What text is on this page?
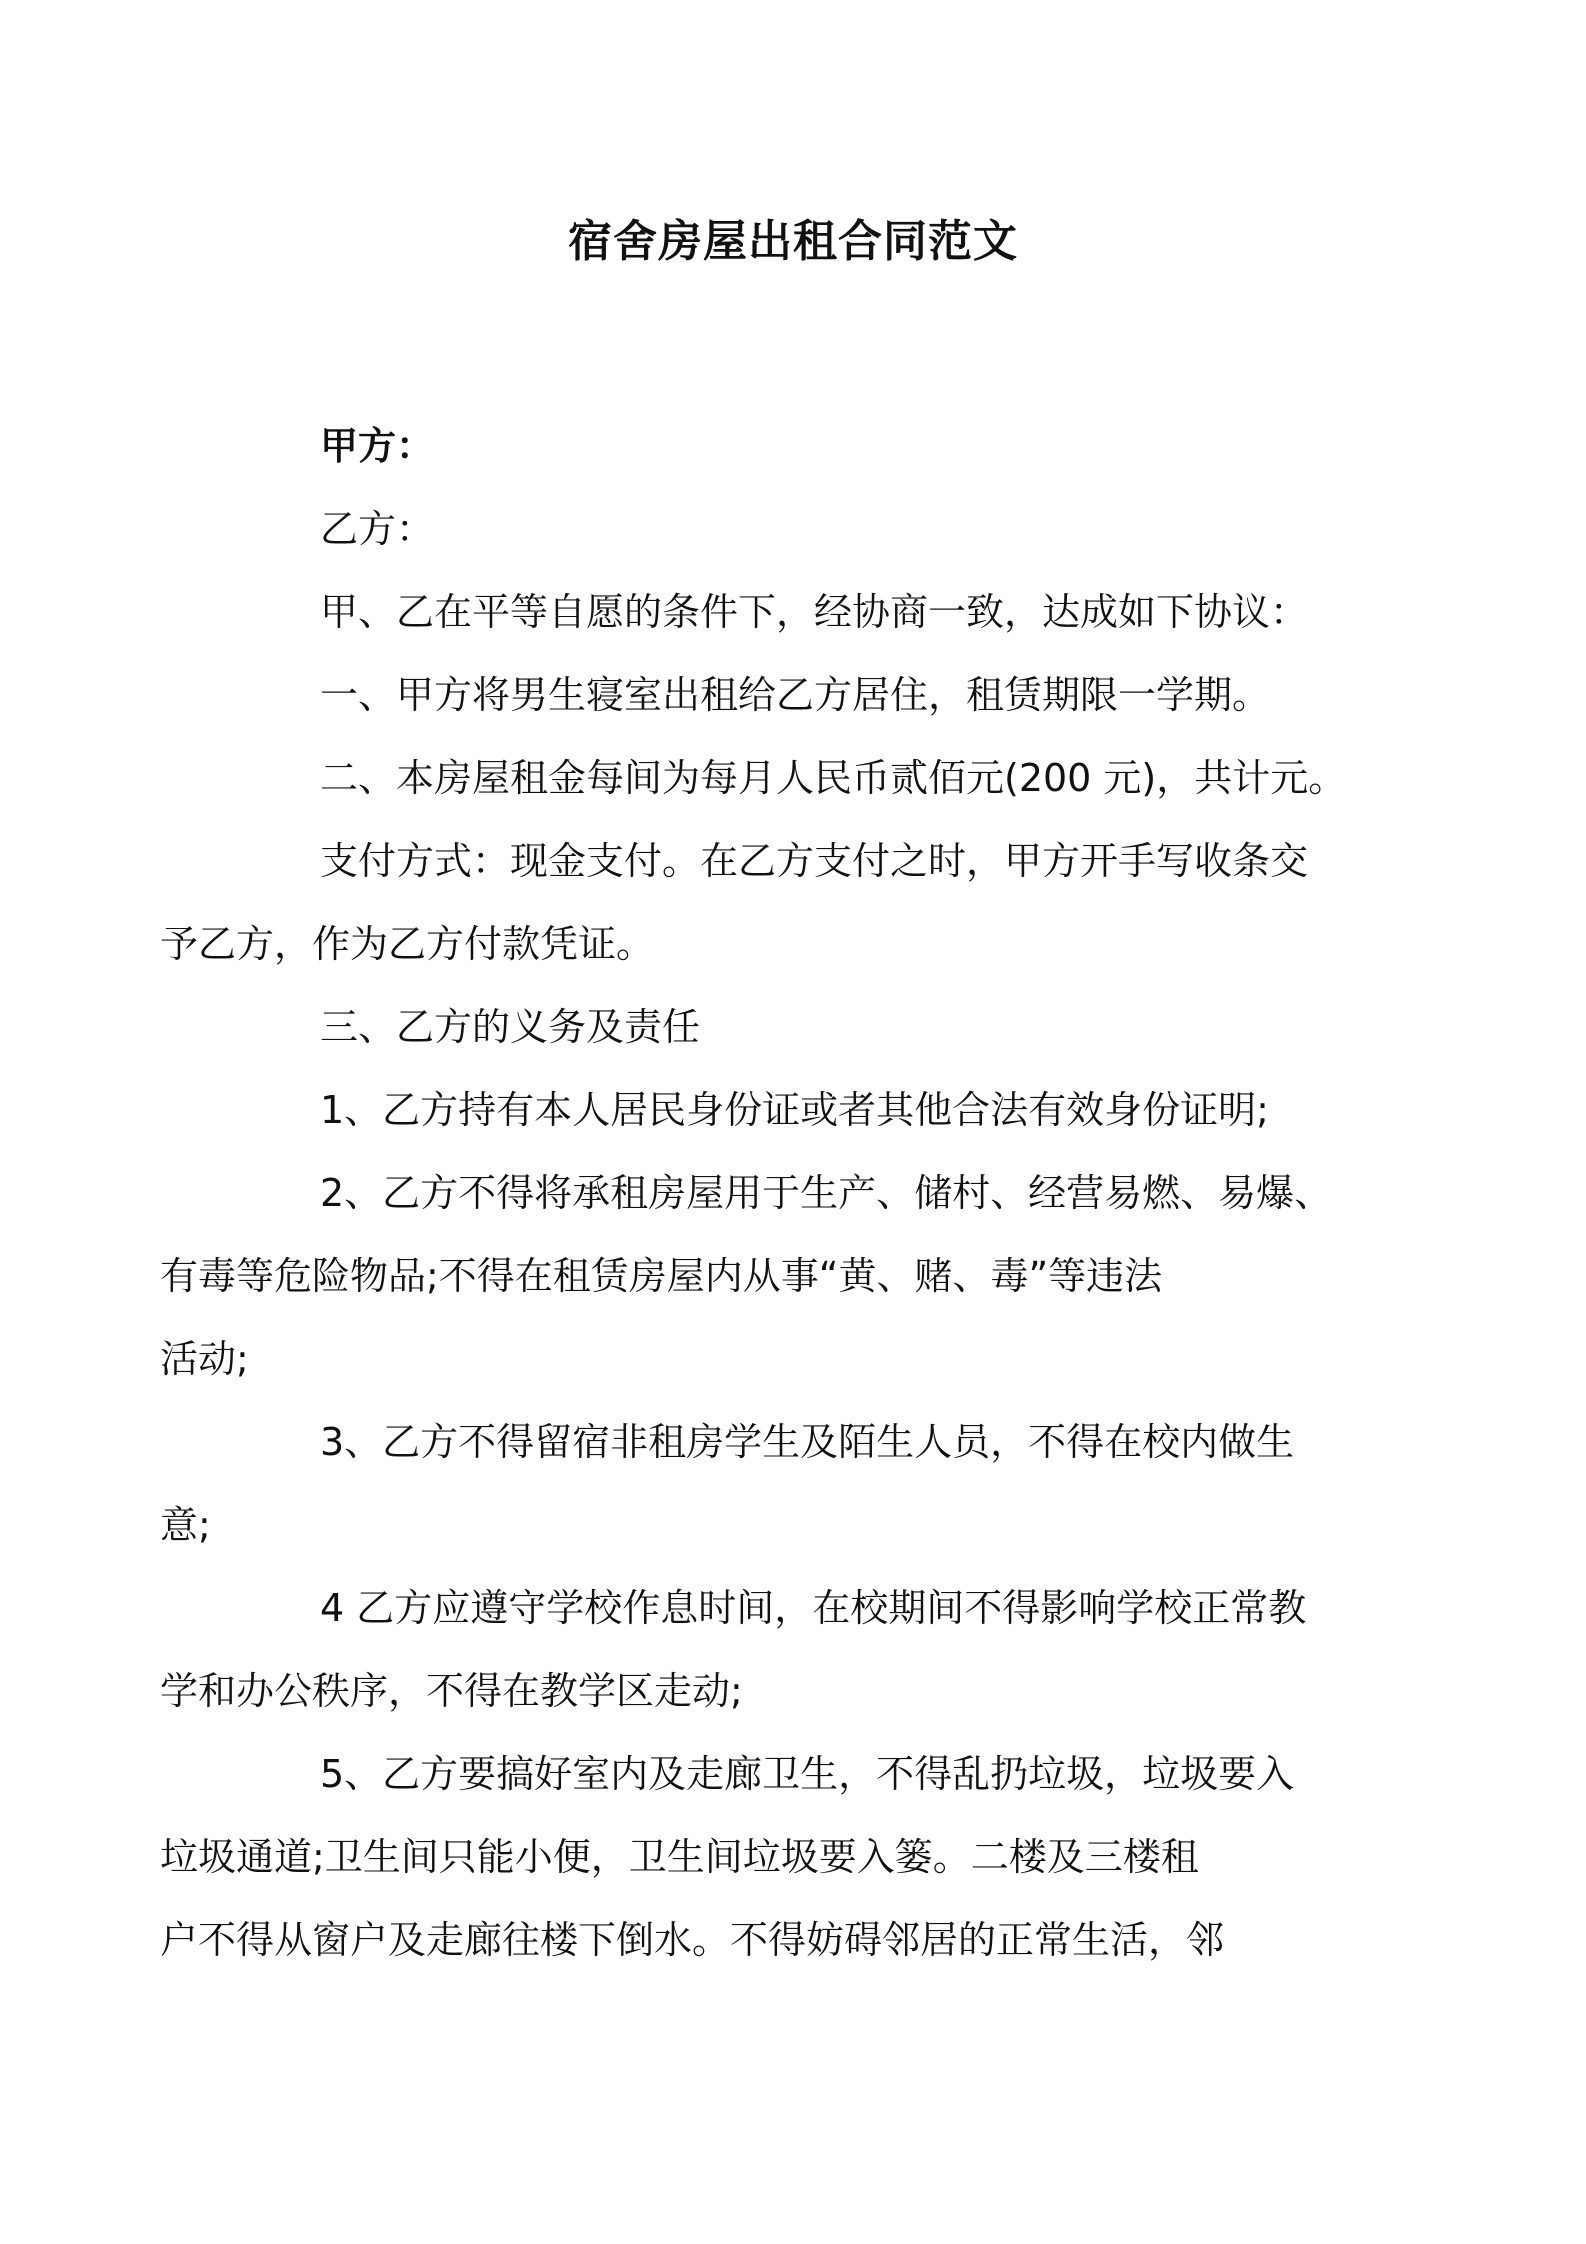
宿舍房屋出租合同范文
甲方：
乙方：
甲、乙在平等自愿的条件下，经协商一致，达成如下协议：
一、甲方将男生寝室出租给乙方居住，租赁期限一学期。
二、本房屋租金每间为每月人民币贰佰元(200 元)，共计元。
支付方式：现金支付。在乙方支付之时，甲方开手写收条交
予乙方，作为乙方付款凭证。
三、乙方的义务及责任
1、乙方持有本人居民身份证或者其他合法有效身份证明;
2、乙方不得将承租房屋用于生产、储村、经营易燃、易爆、
有毒等危险物品;不得在租赁房屋内从事“黄、赌、毒”等违法
活动;
3、乙方不得留宿非租房学生及陌生人员，不得在校内做生
意;
4 乙方应遵守学校作息时间，在校期间不得影响学校正常教
学和办公秩序，不得在教学区走动;
5、乙方要搞好室内及走廊卫生，不得乱扔垃圾，垃圾要入
垃圾通道;卫生间只能小便，卫生间垃圾要入篓。二楼及三楼租
户不得从窗户及走廊往楼下倒水。不得妨碍邻居的正常生活，邻
